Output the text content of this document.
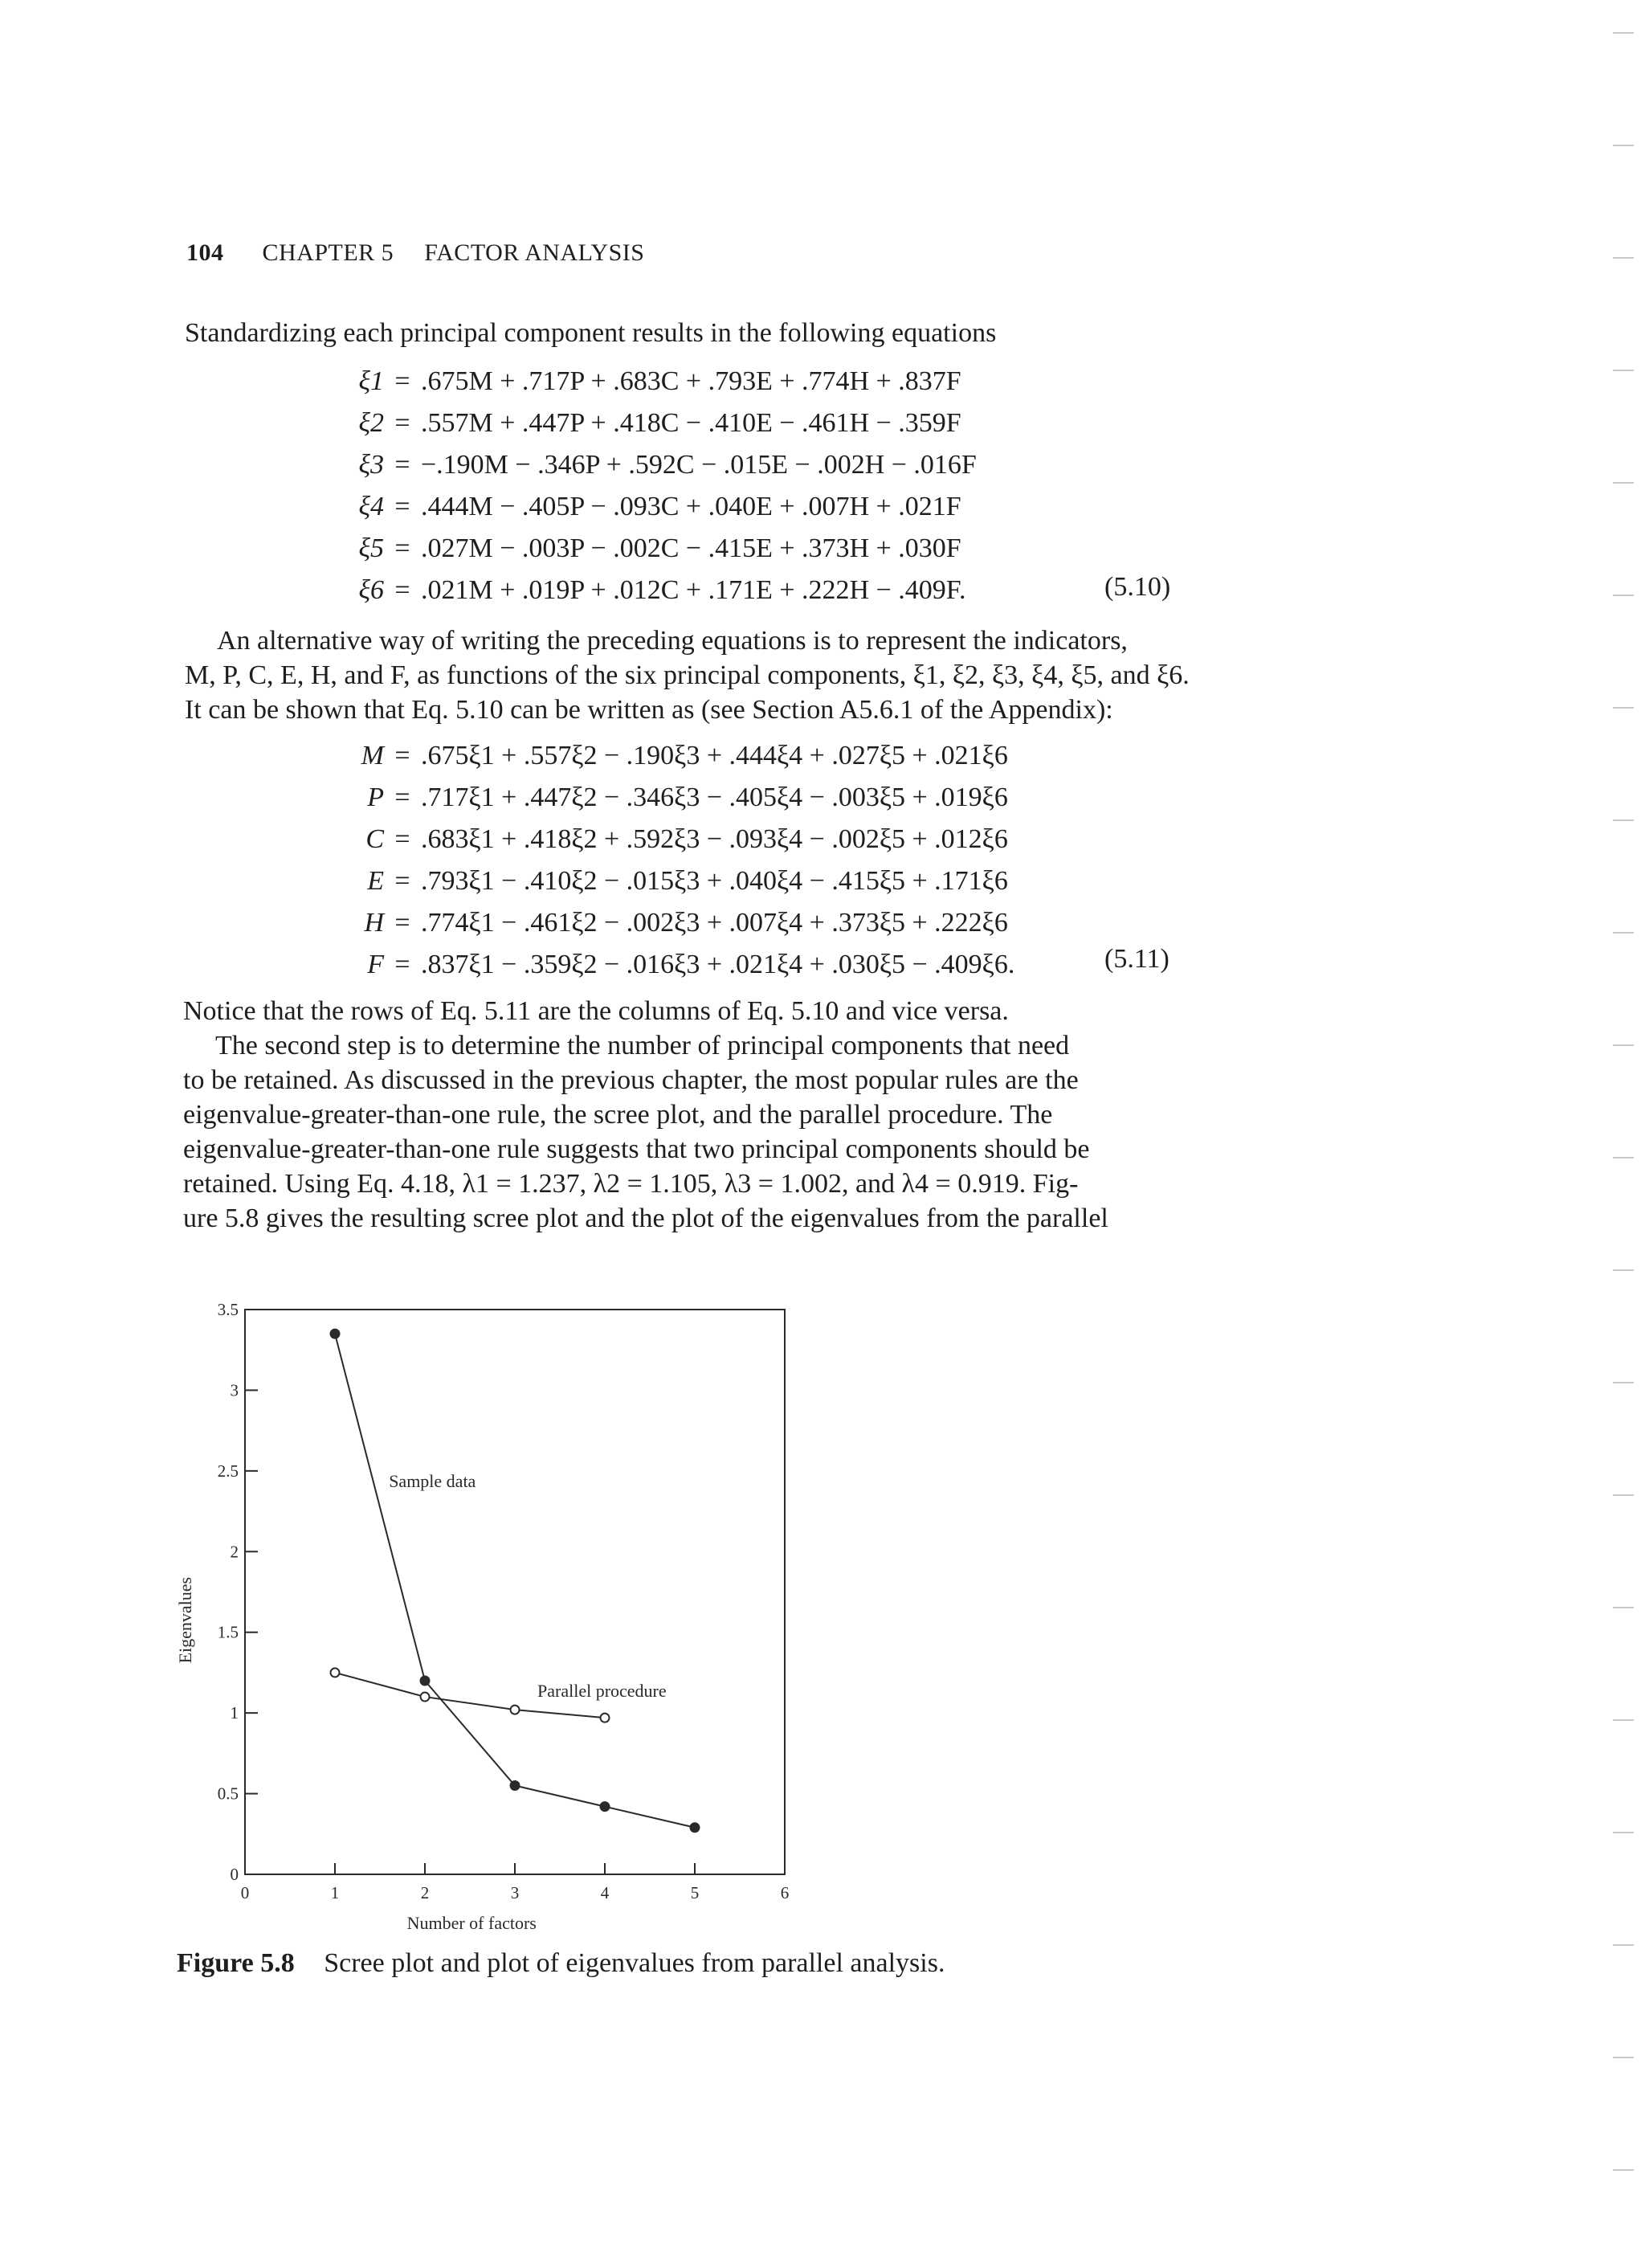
104 CHAPTER 5 FACTOR ANALYSIS
Standardizing each principal component results in the following equations
ξ1 = .675M + .717P + .683C + .793E + .774H + .837F
ξ2 = .557M + .447P + .418C − .410E − .461H − .359F
ξ3 = −.190M − .346P + .592C − .015E − .002H − .016F
ξ4 = .444M − .405P − .093C + .040E + .007H + .021F
ξ5 = .027M − .003P − .002C − .415E + .373H + .030F
ξ6 = .021M + .019P + .012C + .171E + .222H − .409F.	(5.10)
An alternative way of writing the preceding equations is to represent the indicators,
M, P, C, E, H, and F, as functions of the six principal components, ξ1, ξ2, ξ3, ξ4, ξ5, and ξ6.
It can be shown that Eq. 5.10 can be written as (see Section A5.6.1 of the Appendix):
M = .675ξ1 + .557ξ2 − .190ξ3 + .444ξ4 + .027ξ5 + .021ξ6
P = .717ξ1 + .447ξ2 − .346ξ3 − .405ξ4 − .003ξ5 + .019ξ6
C = .683ξ1 + .418ξ2 + .592ξ3 − .093ξ4 − .002ξ5 + .012ξ6
E = .793ξ1 − .410ξ2 − .015ξ3 + .040ξ4 − .415ξ5 + .171ξ6
H = .774ξ1 − .461ξ2 − .002ξ3 + .007ξ4 + .373ξ5 + .222ξ6
F = .837ξ1 − .359ξ2 − .016ξ3 + .021ξ4 + .030ξ5 − .409ξ6.	(5.11)
Notice that the rows of Eq. 5.11 are the columns of Eq. 5.10 and vice versa.
The second step is to determine the number of principal components that need
to be retained. As discussed in the previous chapter, the most popular rules are the
eigenvalue-greater-than-one rule, the scree plot, and the parallel procedure. The
eigenvalue-greater-than-one rule suggests that two principal components should be
retained. Using Eq. 4.18, λ1 = 1.237, λ2 = 1.105, λ3 = 1.002, and λ4 = 0.919. Fig-
ure 5.8 gives the resulting scree plot and the plot of the eigenvalues from the parallel
0	1	2	3	4	5	6
0
0.5
1
1.5
2
2.5
3
3.5
Number of factors
Eigenvalues
Sample data
Parallel procedure
Figure 5.8 Scree plot and plot of eigenvalues from parallel analysis.
